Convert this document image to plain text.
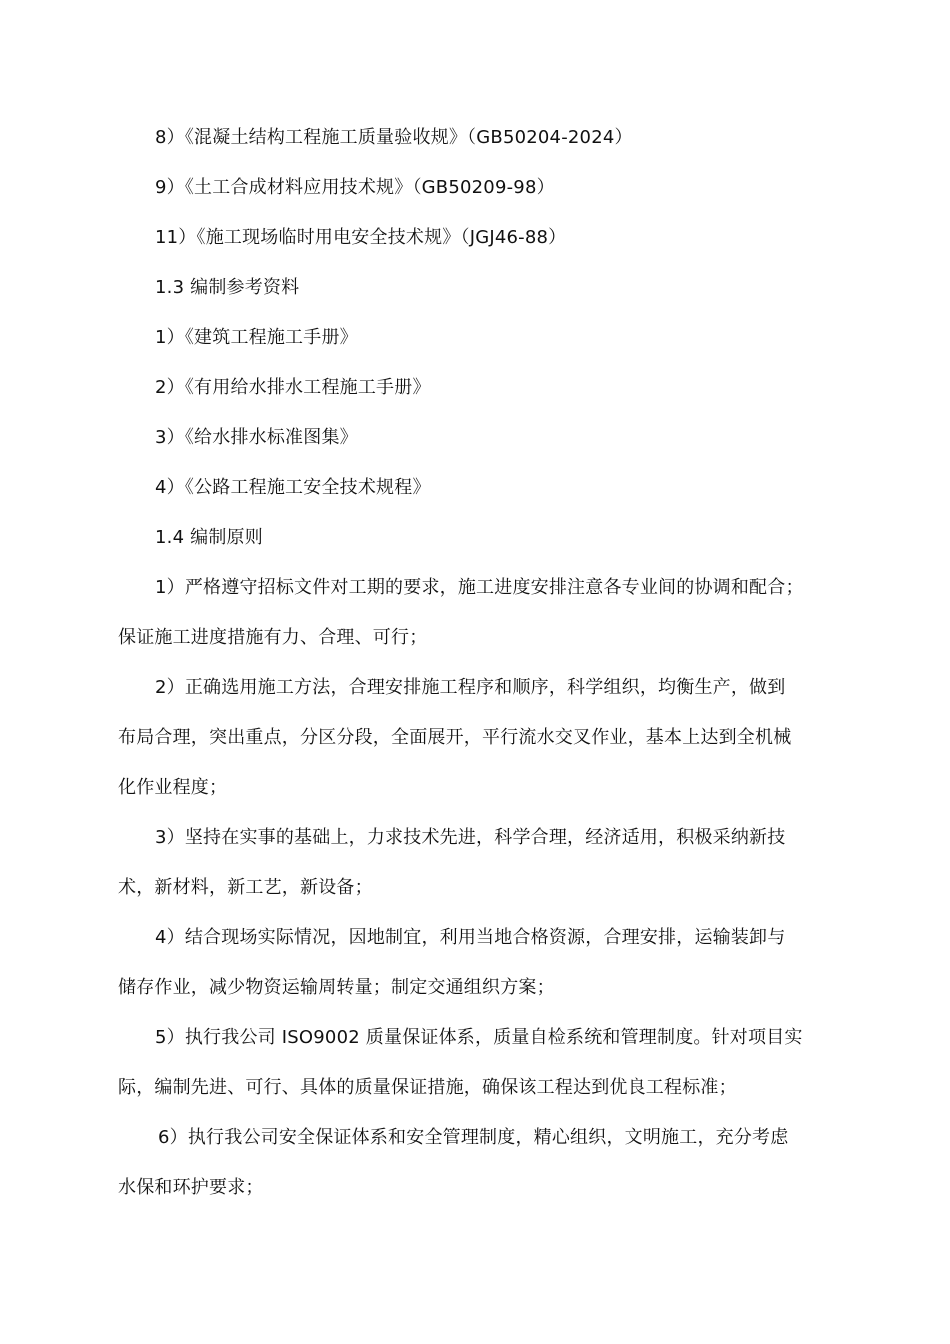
8）《混凝土结构工程施工质量验收规》（GB50204-2024）
9）《土工合成材料应用技术规》（GB50209-98）
11）《施工现场临时用电安全技术规》（JGJ46-88）
1.3 编制参考资料
1）《建筑工程施工手册》
2）《有用给水排水工程施工手册》
3）《给水排水标准图集》
4）《公路工程施工安全技术规程》
1.4 编制原则
1）严格遵守招标文件对工期的要求，施工进度安排注意各专业间的协调和配合；
保证施工进度措施有力、合理、可行；
2）正确选用施工方法，合理安排施工程序和顺序，科学组织，均衡生产，做到
布局合理，突出重点，分区分段，全面展开，平行流水交叉作业，基本上达到全机械
化作业程度；
3）坚持在实事的基础上，力求技术先进，科学合理，经济适用，积极采纳新技
术，新材料，新工艺，新设备；
4）结合现场实际情况，因地制宜，利用当地合格资源，合理安排，运输装卸与
储存作业，减少物资运输周转量；制定交通组织方案；
5）执行我公司 ISO9002 质量保证体系，质量自检系统和管理制度。针对项目实
际，编制先进、可行、具体的质量保证措施，确保该工程达到优良工程标准；
6）执行我公司安全保证体系和安全管理制度，精心组织，文明施工，充分考虑
水保和环护要求；
